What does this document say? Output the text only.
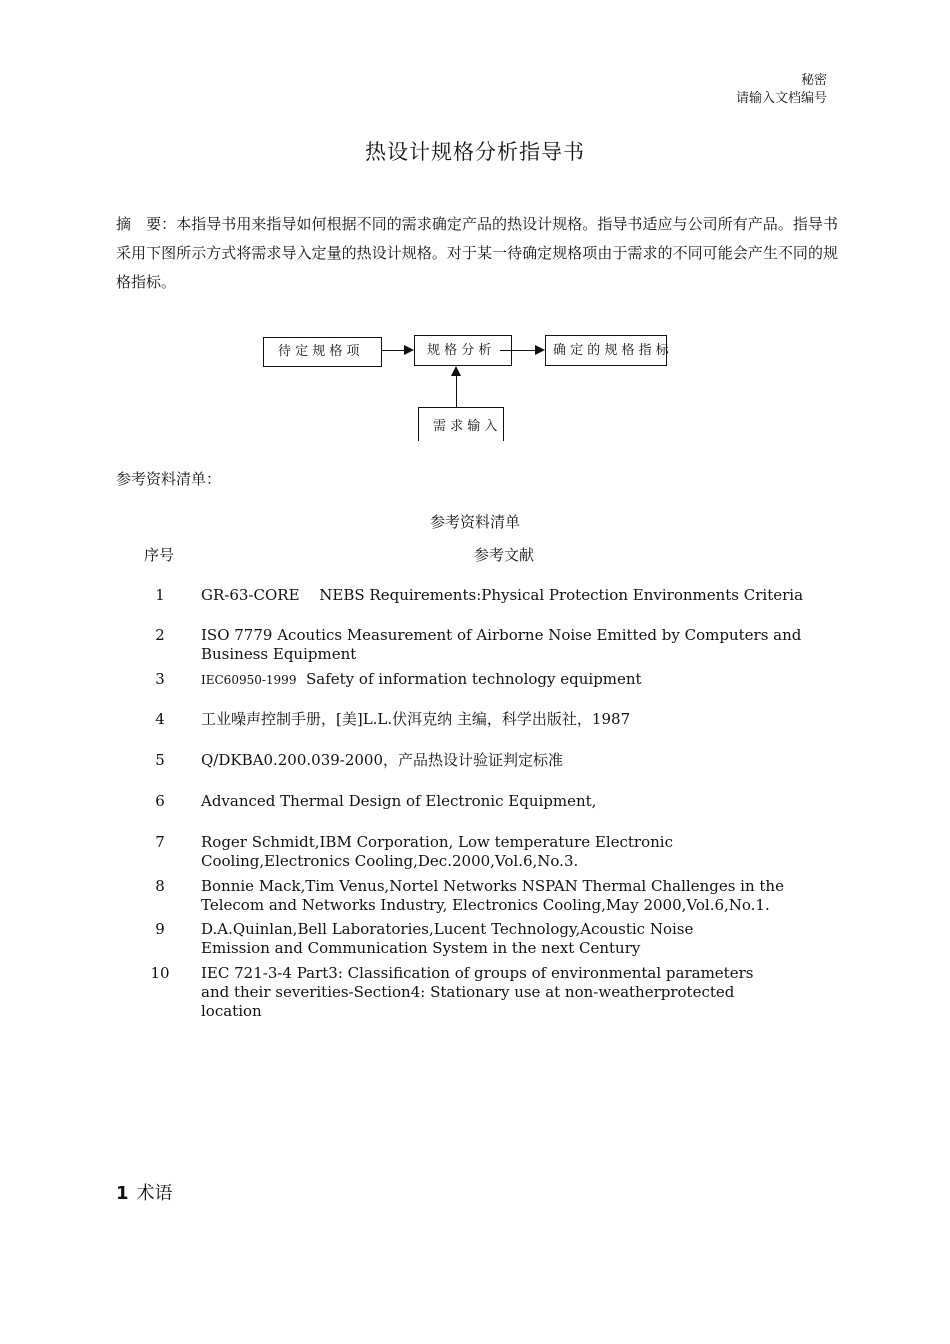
秘密
请输入文档编号
热设计规格分析指导书
摘　要：本指导书用来指导如何根据不同的需求确定产品的热设计规格。指导书适应与公司所有产品。指导书采用下图所示方式将需求导入定量的热设计规格。对于某一待确定规格项由于需求的不同可能会产生不同的规格指标。
待 定 规 格 项	规 格 分 析	确 定 的 规 格 指 标
需 求 输 入
参考资料清单：
参考资料清单
序号	参考文献
1	GR-63-CORE　 NEBS Requirements:Physical Protection Environments Criteria
2	ISO 7779 Acoutics Measurement of Airborne Noise Emitted by Computers and Business Equipment
3	IEC60950-1999 Safety of information technology equipment
4	工业噪声控制手册，[美]L.L.伏洱克纳 主编，科学出版社，1987
5	Q/DKBA0.200.039-2000，产品热设计验证判定标准
6	Advanced Thermal Design of Electronic Equipment,
7	Roger Schmidt,IBM Corporation, Low temperature Electronic Cooling,Electronics Cooling,Dec.2000,Vol.6,No.3.
8	Bonnie Mack,Tim Venus,Nortel Networks NSPAN Thermal Challenges in the Telecom and Networks Industry, Electronics Cooling,May 2000,Vol.6,No.1.
9	D.A.Quinlan,Bell Laboratories,Lucent Technology,Acoustic Noise Emission and Communication System in the next Century
10	IEC 721-3-4 Part3: Classification of groups of environmental parameters and their severities-Section4: Stationary use at non-weatherprotected location
1 术语
